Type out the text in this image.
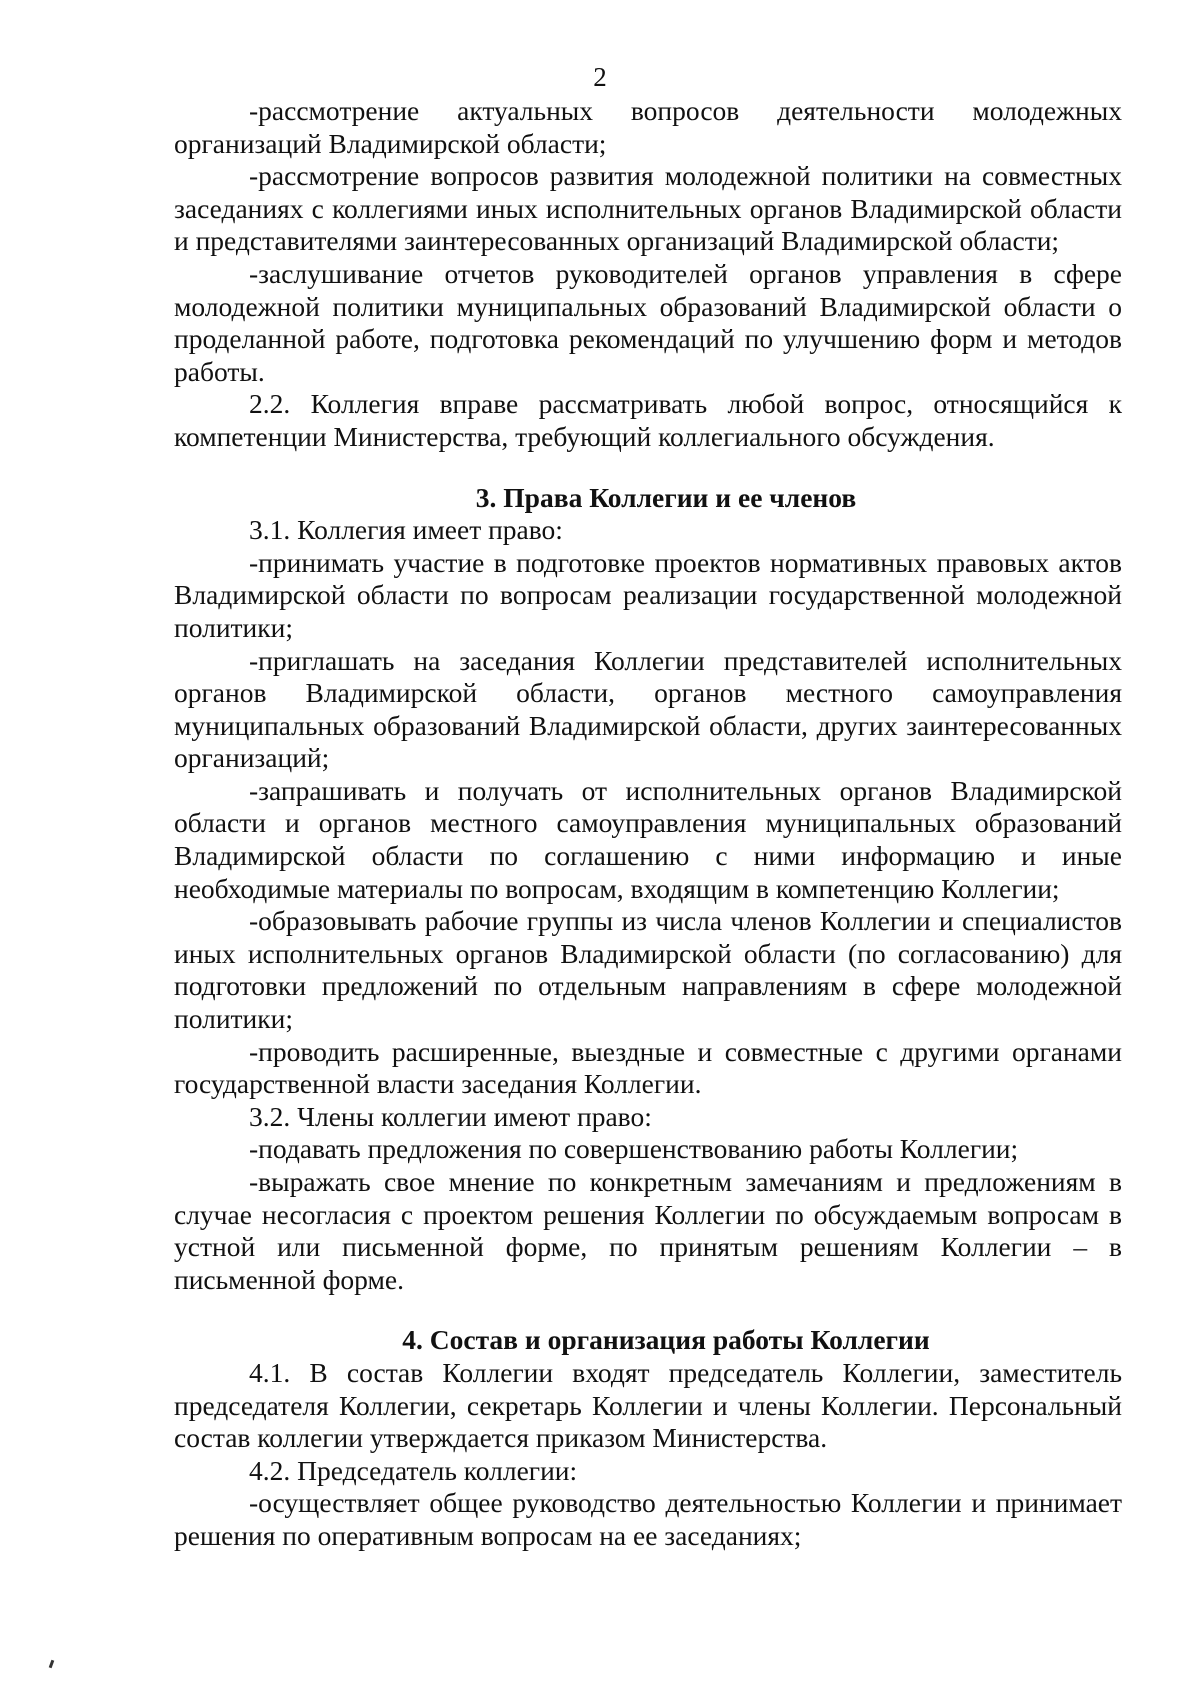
2

-рассмотрение актуальных вопросов деятельности молодежных организаций Владимирской области;

-рассмотрение вопросов развития молодежной политики на совместных заседаниях с коллегиями иных исполнительных органов Владимирской области и представителями заинтересованных организаций Владимирской области;

-заслушивание отчетов руководителей органов управления в сфере молодежной политики муниципальных образований Владимирской области о проделанной работе, подготовка рекомендаций по улучшению форм и методов работы.

2.2. Коллегия вправе рассматривать любой вопрос, относящийся к компетенции Министерства, требующий коллегиального обсуждения.

3. Права Коллегии и ее членов

3.1. Коллегия имеет право:

-принимать участие в подготовке проектов нормативных правовых актов Владимирской области по вопросам реализации государственной молодежной политики;

-приглашать на заседания Коллегии представителей исполнительных органов Владимирской области, органов местного самоуправления муниципальных образований Владимирской области, других заинтересованных организаций;

-запрашивать и получать от исполнительных органов Владимирской области и органов местного самоуправления муниципальных образований Владимирской области по соглашению с ними информацию и иные необходимые материалы по вопросам, входящим в компетенцию Коллегии;

-образовывать рабочие группы из числа членов Коллегии и специалистов иных исполнительных органов Владимирской области (по согласованию) для подготовки предложений по отдельным направлениям в сфере молодежной политики;

-проводить расширенные, выездные и совместные с другими органами государственной власти заседания Коллегии.

3.2. Члены коллегии имеют право:

-подавать предложения по совершенствованию работы Коллегии;

-выражать свое мнение по конкретным замечаниям и предложениям в случае несогласия с проектом решения Коллегии по обсуждаемым вопросам в устной или письменной форме, по принятым решениям Коллегии – в письменной форме.

4. Состав и организация работы Коллегии

4.1. В состав Коллегии входят председатель Коллегии, заместитель председателя Коллегии, секретарь Коллегии и члены Коллегии. Персональный состав коллегии утверждается приказом Министерства.

4.2. Председатель коллегии:

-осуществляет общее руководство деятельностью Коллегии и принимает решения по оперативным вопросам на ее заседаниях;
